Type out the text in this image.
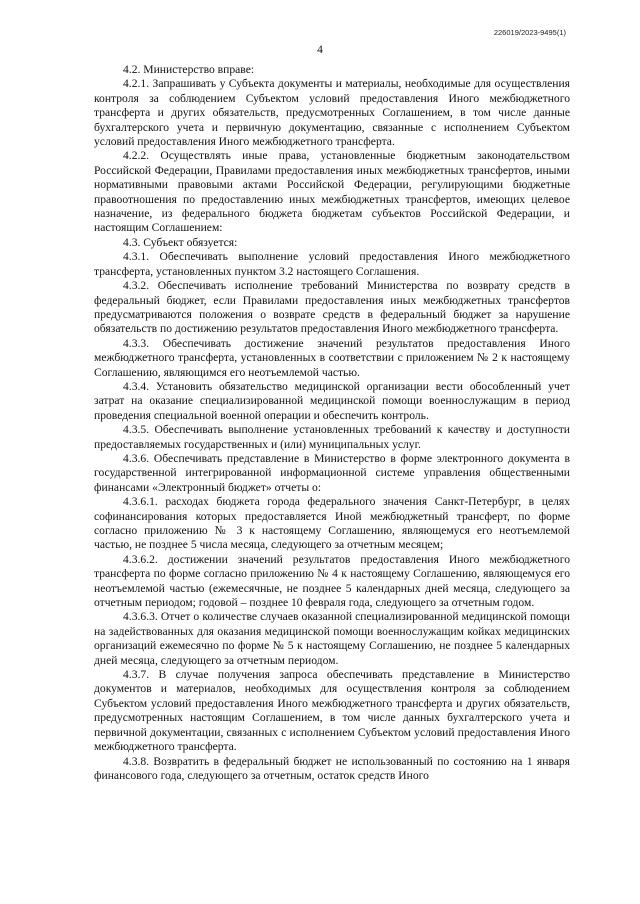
226019/2023-9495(1)
4

4.2. Министерство вправе:

4.2.1. Запрашивать у Субъекта документы и материалы, необходимые для осуществления контроля за соблюдением Субъектом условий предоставления Иного межбюджетного трансферта и других обязательств, предусмотренных Соглашением, в том числе данные бухгалтерского учета и первичную документацию, связанные с исполнением Субъектом условий предоставления Иного межбюджетного трансферта.

4.2.2. Осуществлять иные права, установленные бюджетным законодательством Российской Федерации, Правилами предоставления иных межбюджетных трансфертов, иными нормативными правовыми актами Российской Федерации, регулирующими бюджетные правоотношения по предоставлению иных межбюджетных трансфертов, имеющих целевое назначение, из федерального бюджета бюджетам субъектов Российской Федерации, и настоящим Соглашением:

4.3. Субъект обязуется:

4.3.1. Обеспечивать выполнение условий предоставления Иного межбюджетного трансферта, установленных пунктом 3.2 настоящего Соглашения.

4.3.2. Обеспечивать исполнение требований Министерства по возврату средств в федеральный бюджет, если Правилами предоставления иных межбюджетных трансфертов предусматриваются положения о возврате средств в федеральный бюджет за нарушение обязательств по достижению результатов предоставления Иного межбюджетного трансферта.

4.3.3. Обеспечивать достижение значений результатов предоставления Иного межбюджетного трансферта, установленных в соответствии с приложением № 2 к настоящему Соглашению, являющимся его неотъемлемой частью.

4.3.4. Установить обязательство медицинской организации вести обособленный учет затрат на оказание специализированной медицинской помощи военнослужащим в период проведения специальной военной операции и обеспечить контроль.

4.3.5. Обеспечивать выполнение установленных требований к качеству и доступности предоставляемых государственных и (или) муниципальных услуг.

4.3.6. Обеспечивать представление в Министерство в форме электронного документа в государственной интегрированной информационной системе управления общественными финансами «Электронный бюджет» отчеты о:

4.3.6.1. расходах бюджета города федерального значения Санкт-Петербург, в целях софинансирования которых предоставляется Иной межбюджетный трансферт, по форме согласно приложению № 3 к настоящему Соглашению, являющемуся его неотъемлемой частью, не позднее 5 числа месяца, следующего за отчетным месяцем;

4.3.6.2. достижении значений результатов предоставления Иного межбюджетного трансферта по форме согласно приложению № 4 к настоящему Соглашению, являющемуся его неотъемлемой частью (ежемесячные, не позднее 5 календарных дней месяца, следующего за отчетным периодом; годовой – позднее 10 февраля года, следующего за отчетным годом.

4.3.6.3. Отчет о количестве случаев оказанной специализированной медицинской помощи на задействованных для оказания медицинской помощи военнослужащим койках медицинских организаций ежемесячно по форме № 5 к настоящему Соглашению, не позднее 5 календарных дней месяца, следующего за отчетным периодом.

4.3.7. В случае получения запроса обеспечивать представление в Министерство документов и материалов, необходимых для осуществления контроля за соблюдением Субъектом условий предоставления Иного межбюджетного трансферта и других обязательств, предусмотренных настоящим Соглашением, в том числе данных бухгалтерского учета и первичной документации, связанных с исполнением Субъектом условий предоставления Иного межбюджетного трансферта.

4.3.8. Возвратить в федеральный бюджет не использованный по состоянию на 1 января финансового года, следующего за отчетным, остаток средств Иного
